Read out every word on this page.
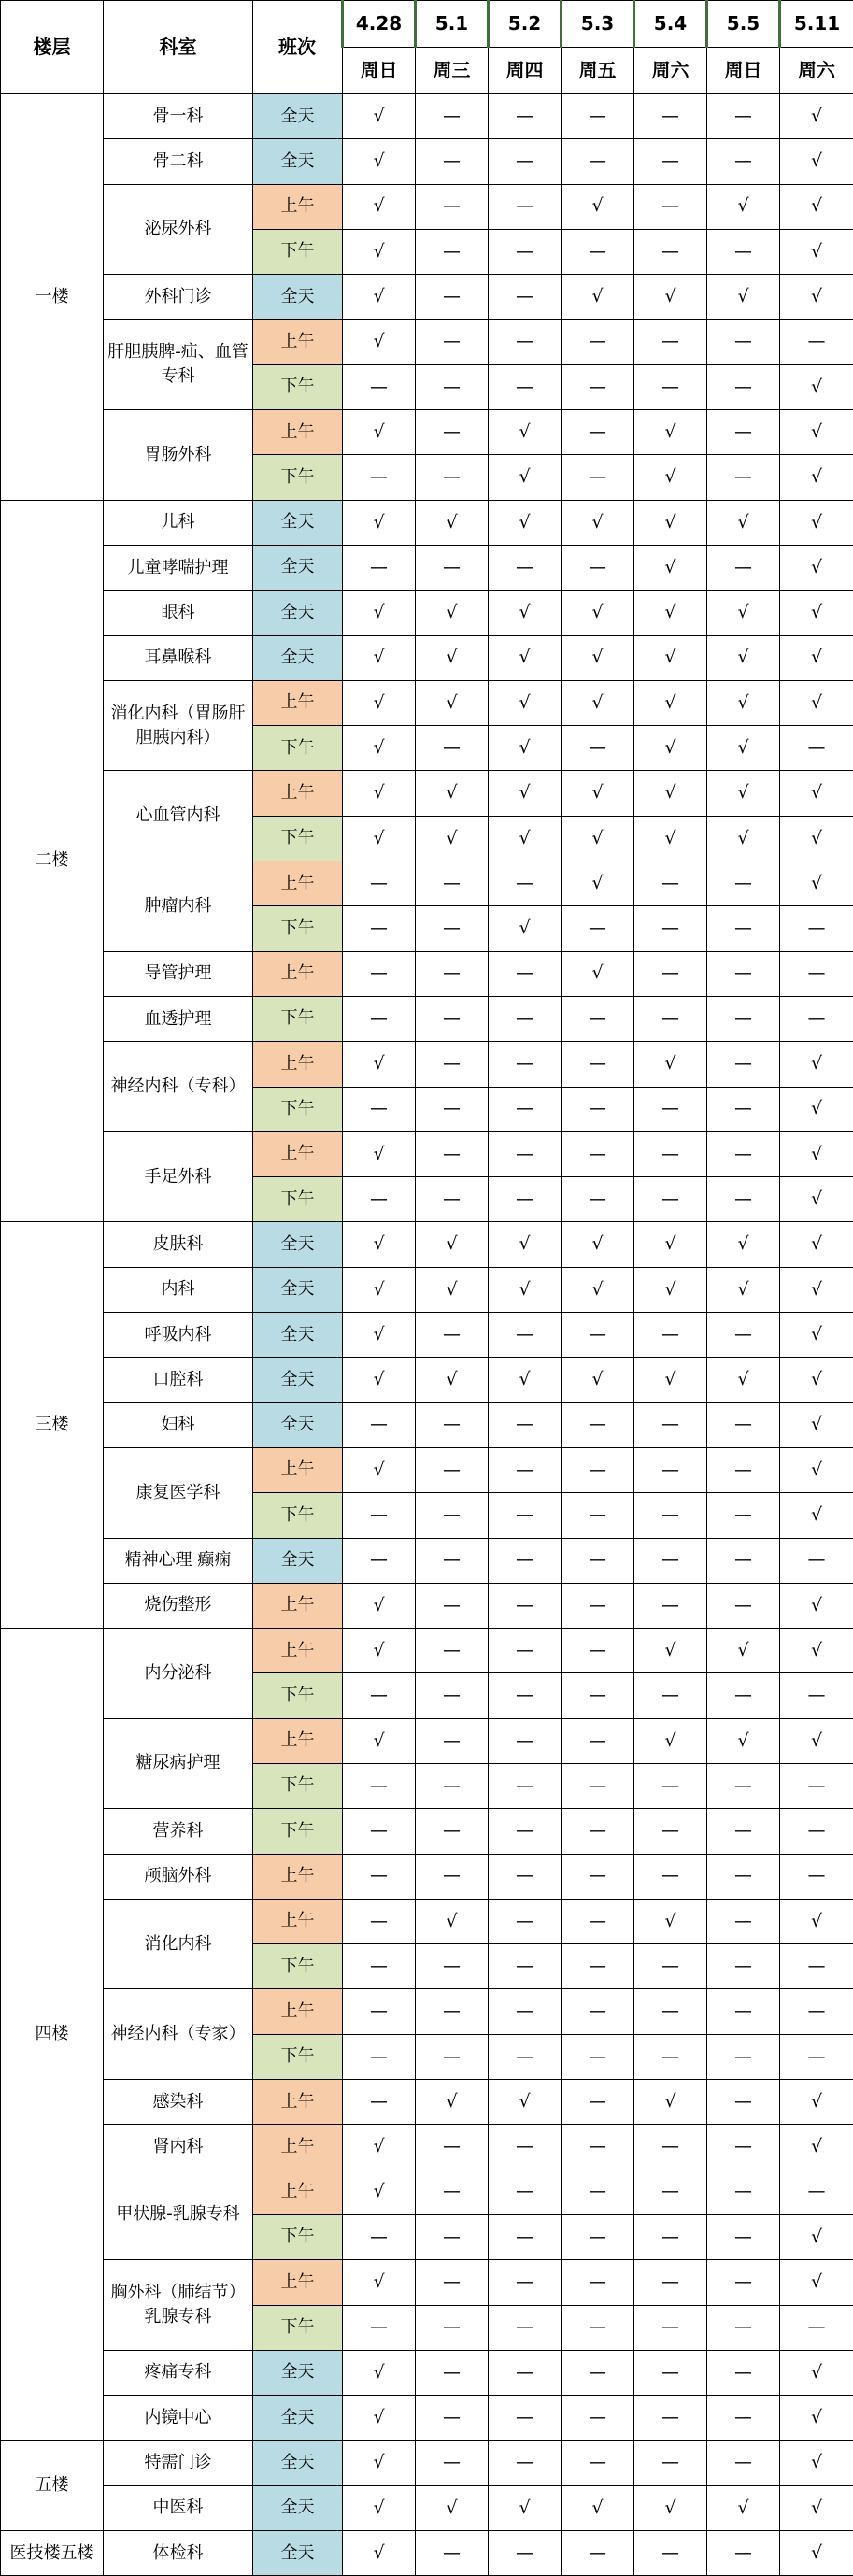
楼层	科室	班次	4.28	5.1	5.2	5.3	5.4	5.5	5.11
			周日	周三	周四	周五	周六	周日	周六
一楼	骨一科	全天	√	—	—	—	—	—	√
	骨二科	全天	√	—	—	—	—	—	√
	泌尿外科	上午	√	—	—	√	—	√	√
		下午	√	—	—	—	—	—	√
	外科门诊	全天	√	—	—	√	√	√	√
	肝胆胰脾-疝、血管专科	上午	√	—	—	—	—	—	—
		下午	—	—	—	—	—	—	√
	胃肠外科	上午	√	—	√	—	√	—	√
		下午	—	—	√	—	√	—	√
二楼	儿科	全天	√	√	√	√	√	√	√
	儿童哮喘护理	全天	—	—	—	—	√	—	√
	眼科	全天	√	√	√	√	√	√	√
	耳鼻喉科	全天	√	√	√	√	√	√	√
	消化内科（胃肠肝胆胰内科）	上午	√	√	√	√	√	√	√
		下午	√	—	√	—	√	√	—
	心血管内科	上午	√	√	√	√	√	√	√
		下午	√	√	√	√	√	√	√
	肿瘤内科	上午	—	—	—	√	—	—	√
		下午	—	—	√	—	—	—	—
	导管护理	上午	—	—	—	√	—	—	—
	血透护理	下午	—	—	—	—	—	—	—
	神经内科（专科）	上午	√	—	—	—	√	—	√
		下午	—	—	—	—	—	—	√
	手足外科	上午	√	—	—	—	—	—	√
		下午	—	—	—	—	—	—	√
三楼	皮肤科	全天	√	√	√	√	√	√	√
	内科	全天	√	√	√	√	√	√	√
	呼吸内科	全天	√	—	—	—	—	—	√
	口腔科	全天	√	√	√	√	√	√	√
	妇科	全天	—	—	—	—	—	—	√
	康复医学科	上午	√	—	—	—	—	—	√
		下午	—	—	—	—	—	—	√
	精神心理 癫痫	全天	—	—	—	—	—	—	—
	烧伤整形	上午	√	—	—	—	—	—	√
四楼	内分泌科	上午	√	—	—	—	√	√	√
		下午	—	—	—	—	—	—	—
	糖尿病护理	上午	√	—	—	—	√	√	√
		下午	—	—	—	—	—	—	—
	营养科	下午	—	—	—	—	—	—	—
	颅脑外科	上午	—	—	—	—	—	—	—
	消化内科	上午	—	√	—	—	√	—	√
		下午	—	—	—	—	—	—	—
	神经内科（专家）	上午	—	—	—	—	—	—	—
		下午	—	—	—	—	—	—	—
	感染科	上午	—	√	√	—	√	—	√
	肾内科	上午	√	—	—	—	—	—	√
	甲状腺-乳腺专科	上午	√	—	—	—	—	—	—
		下午	—	—	—	—	—	—	√
	胸外科（肺结节）乳腺专科	上午	√	—	—	—	—	—	√
		下午	—	—	—	—	—	—	—
	疼痛专科	全天	√	—	—	—	—	—	√
	内镜中心	全天	√	—	—	—	—	—	√
五楼	特需门诊	全天	√	—	—	—	—	—	√
	中医科	全天	√	√	√	√	√	√	√
医技楼五楼	体检科	全天	√	—	—	—	—	—	√
